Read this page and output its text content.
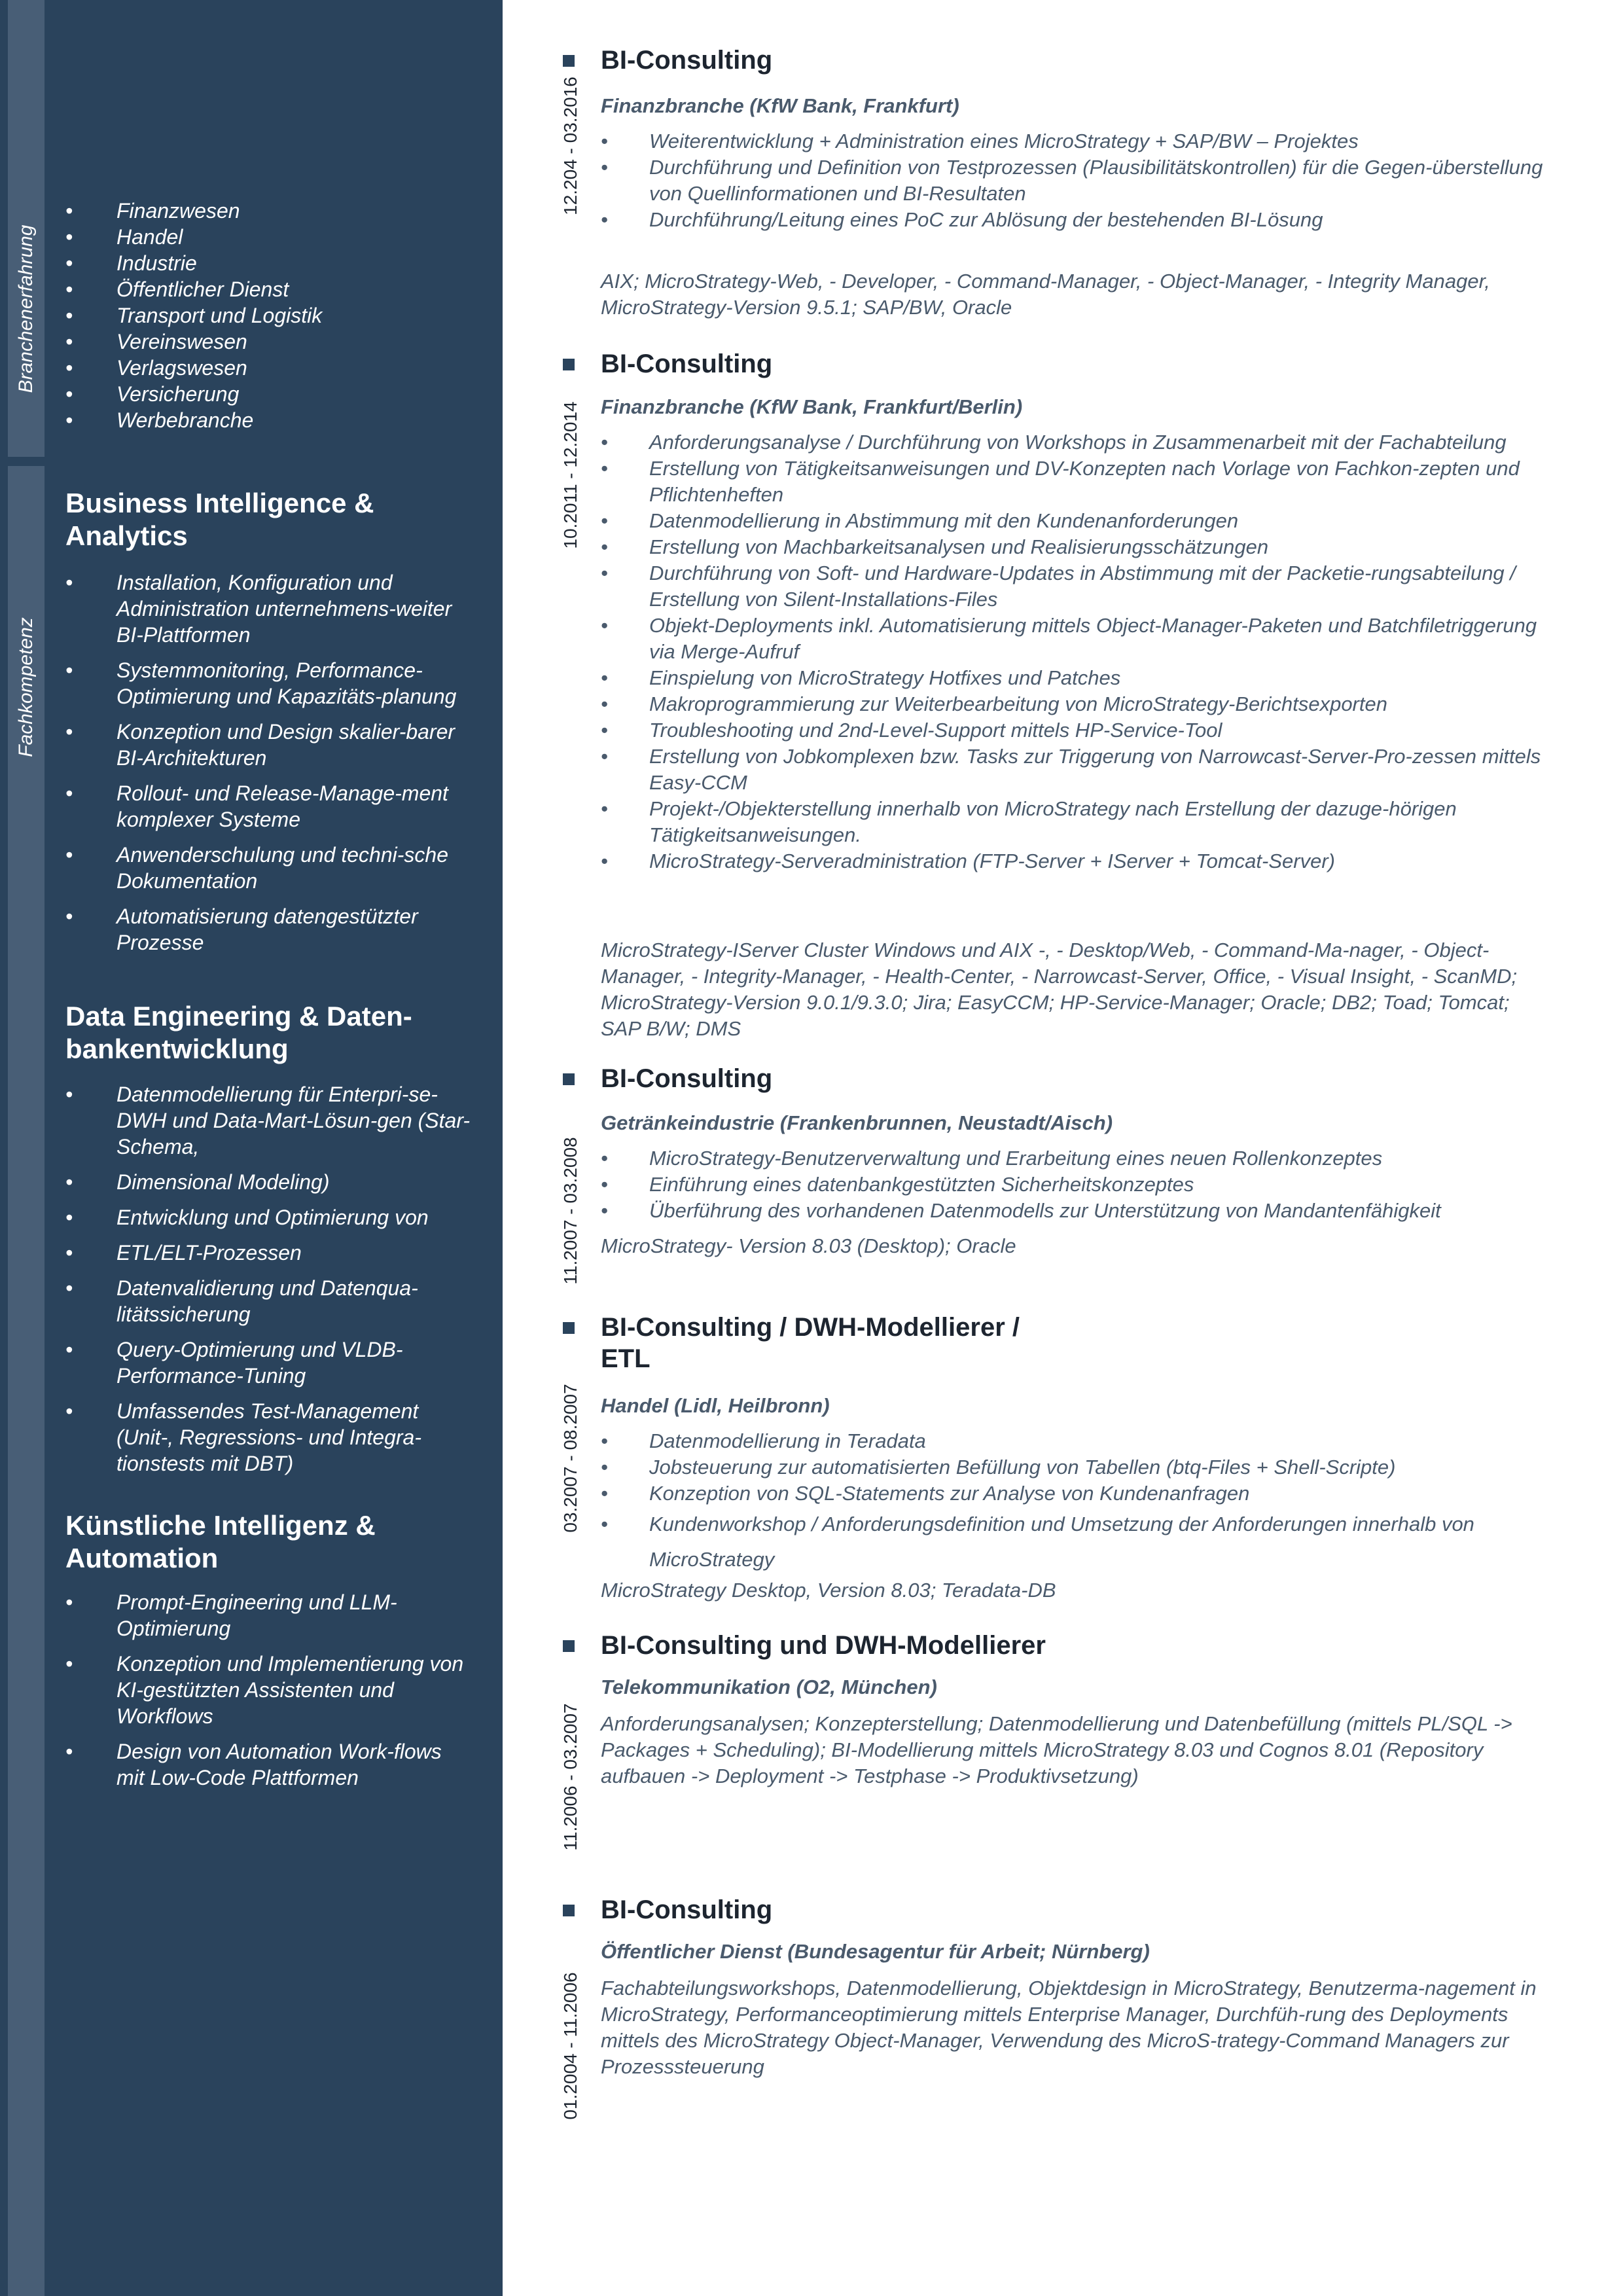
Branchenerfahrung
Fachkompetenz
• Finanzwesen
• Handel
• Industrie
• Öffentlicher Dienst
• Transport und Logistik
• Vereinswesen
• Verlagswesen
• Versicherung
• Werbebranche
Business Intelligence & Analytics
• Installation, Konfiguration und Administration unternehmens-weiter BI-Plattformen
• Systemmonitoring, Performance-Optimierung und Kapazitäts-planung
• Konzeption und Design skalier-barer BI-Architekturen
• Rollout- und Release-Manage-ment komplexer Systeme
• Anwenderschulung und techni-sche Dokumentation
• Automatisierung datengestützter Prozesse
Data Engineering & Daten-bankentwicklung
• Datenmodellierung für Enterpri-se-DWH und Data-Mart-Lösun-gen (Star-Schema,
• Dimensional Modeling)
• Entwicklung und Optimierung von
• ETL/ELT-Prozessen
• Datenvalidierung und Datenqua-litätssicherung
• Query-Optimierung und VLDB-Performance-Tuning
• Umfassendes Test-Management (Unit-, Regressions- und Integra-tionstests mit DBT)
Künstliche Intelligenz & Automation
• Prompt-Engineering und LLM-Optimierung
• Konzeption und Implementierung von KI-gestützten Assistenten und Workflows
• Design von Automation Work-flows mit Low-Code Plattformen
BI-Consulting
12.204 - 03.2016 Finanzbranche (KfW Bank, Frankfurt)

• Weiterentwicklung + Administration eines MicroStrategy + SAP/BW – Projektes
• Durchführung und Definition von Testprozessen (Plausibilitätskontrollen) für die Gegen-überstellung von Quellinformationen und BI-Resultaten
• Durchführung/Leitung eines PoC zur Ablösung der bestehenden BI-Lösung

AIX; MicroStrategy-Web, - Developer, - Command-Manager, - Object-Manager, - Integrity Manager, MicroStrategy-Version 9.5.1; SAP/BW, Oracle

BI-Consulting
10.2011 - 12.2014 Finanzbranche (KfW Bank, Frankfurt/Berlin)

• Anforderungsanalyse / Durchführung von Workshops in Zusammenarbeit mit der Fachabteilung
• Erstellung von Tätigkeitsanweisungen und DV-Konzepten nach Vorlage von Fachkon-zepten und Pflichtenheften
• Datenmodellierung in Abstimmung mit den Kundenanforderungen
• Erstellung von Machbarkeitsanalysen und Realisierungsschätzungen
• Durchführung von Soft- und Hardware-Updates in Abstimmung mit der Packetie-rungsabteilung / Erstellung von Silent-Installations-Files
• Objekt-Deployments inkl. Automatisierung mittels Object-Manager-Paketen und Batchfiletriggerung via Merge-Aufruf
• Einspielung von MicroStrategy Hotfixes und Patches
• Makroprogrammierung zur Weiterbearbeitung von MicroStrategy-Berichtsexporten
• Troubleshooting und 2nd-Level-Support mittels HP-Service-Tool
• Erstellung von Jobkomplexen bzw. Tasks zur Triggerung von Narrowcast-Server-Pro-zessen mittels Easy-CCM
• Projekt-/Objekterstellung innerhalb von MicroStrategy nach Erstellung der dazuge-hörigen Tätigkeitsanweisungen.
• MicroStrategy-Serveradministration (FTP-Server + IServer + Tomcat-Server)

MicroStrategy-IServer Cluster Windows und AIX -, - Desktop/Web, - Command-Ma-nager, - Object-Manager, - Integrity-Manager, - Health-Center, - Narrowcast-Server, Office, - Visual Insight, - ScanMD; MicroStrategy-Version 9.0.1/9.3.0; Jira; EasyCCM; HP-Service-Manager; Oracle; DB2; Toad; Tomcat; SAP B/W; DMS

BI-Consulting
11.2007 - 03.2008

Getränkeindustrie (Frankenbrunnen, Neustadt/Aisch)

• MicroStrategy-Benutzerverwaltung und Erarbeitung eines neuen Rollenkonzeptes
• Einführung eines datenbankgestützten Sicherheitskonzeptes
• Überführung des vorhandenen Datenmodells zur Unterstützung von Mandantenfähigkeit

MicroStrategy- Version 8.03 (Desktop); Oracle

BI-Consulting / DWH-Modellierer / ETL
03.2007 - 08.2007 Handel (Lidl, Heilbronn)

• Datenmodellierung in Teradata
• Jobsteuerung zur automatisierten Befüllung von Tabellen (btq-Files + Shell-Scripte)
• Konzeption von SQL-Statements zur Analyse von Kundenanfragen
• Kundenworkshop / Anforderungsdefinition und Umsetzung der Anforderungen innerhalb von MicroStrategy

MicroStrategy Desktop, Version 8.03; Teradata-DB

BI-Consulting und DWH-Modellierer
11.2006 - 03.2007

Telekommunikation (O2, München)

Anforderungsanalysen; Konzepterstellung; Datenmodellierung und Datenbefüllung (mittels PL/SQL -> Packages + Scheduling); BI-Modellierung mittels MicroStrategy 8.03 und Cognos 8.01 (Repository aufbauen -> Deployment -> Testphase -> Produktivsetzung)

BI-Consulting
01.2004 - 11.2006

Öffentlicher Dienst (Bundesagentur für Arbeit; Nürnberg)

Fachabteilungsworkshops, Datenmodellierung, Objektdesign in MicroStrategy, Benutzerma-nagement in MicroStrategy, Performanceoptimierung mittels Enterprise Manager, Durchfüh-rung des Deployments mittels des MicroStrategy Object-Manager, Verwendung des MicroS-trategy-Command Managers zur Prozesssteuerung
